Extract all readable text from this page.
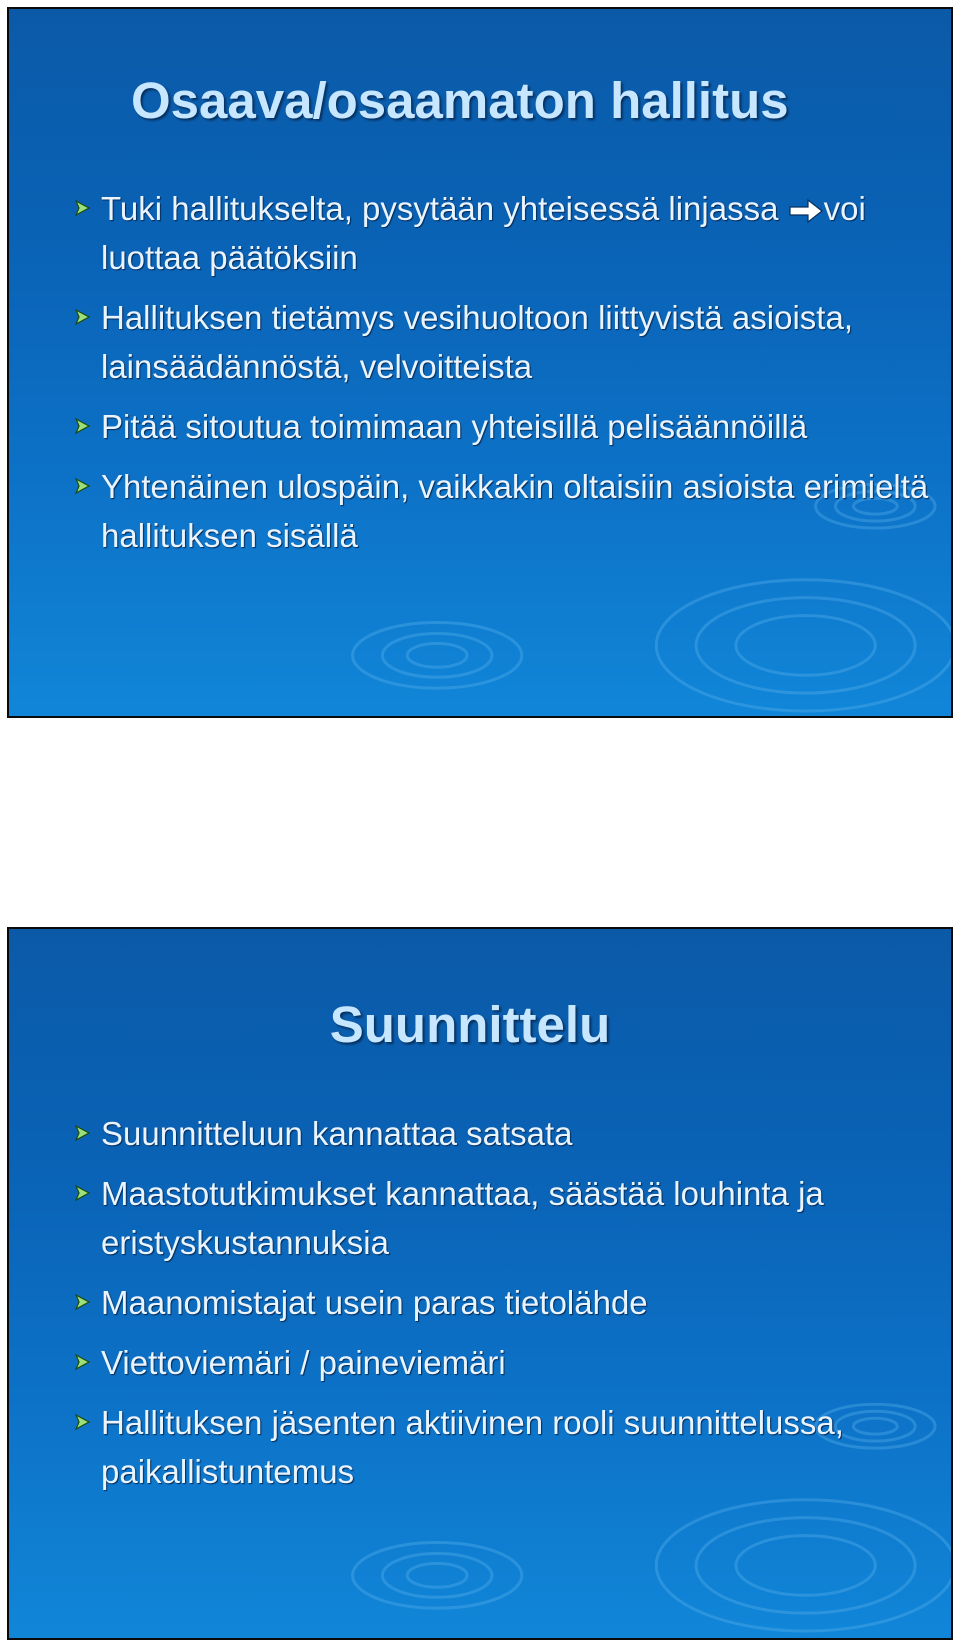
Osaava/osaamaton hallitus
Tuki hallitukselta, pysytään yhteisessä linjassa voi luottaa päätöksiin
Hallituksen tietämys vesihuoltoon liittyvistä asioista, lainsäädännöstä, velvoitteista
Pitää sitoutua toimimaan yhteisillä pelisäännöillä
Yhtenäinen ulospäin, vaikkakin oltaisiin asioista erimieltä hallituksen sisällä
Suunnittelu
Suunnitteluun kannattaa satsata
Maastotutkimukset kannattaa, säästää louhinta ja eristyskustannuksia
Maanomistajat usein paras tietolähde
Viettoviemäri / paineviemäri
Hallituksen jäsenten aktiivinen rooli suunnittelussa, paikallistuntemus
